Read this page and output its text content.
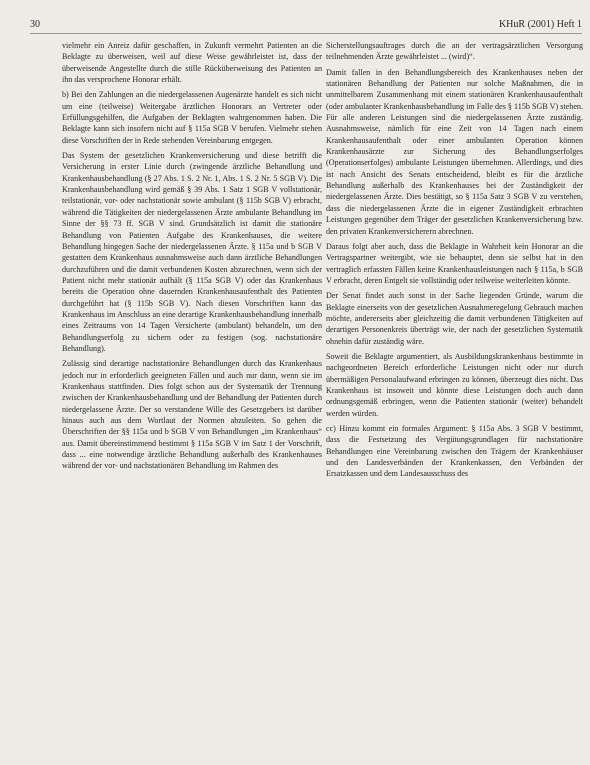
30	KHuR (2001) Heft 1

vielmehr ein Anreiz dafür geschaffen, in Zukunft vermehrt Patienten an die Beklagte zu überweisen, weil auf diese Weise gewährleistet ist, dass der überweisende Angestellte durch die stille Rücküberweisung des Patienten an ihn das versprochene Honorar erhält.

b) Bei den Zahlungen an die niedergelassenen Augenärzte handelt es sich nicht um eine (teilweise) Weitergabe ärztlichen Honorars an Vertreter oder Erfüllungsgehilfen, die Aufgaben der Beklagten wahrgenommen haben. Die Beklagte kann sich insofern nicht auf § 115a SGB V berufen. Vielmehr stehen diese Vorschriften der in Rede stehenden Vereinbarung entgegen.

Das System der gesetzlichen Krankenversicherung und diese betrifft die Versicherung in erster Linie durch (zwingende ärztliche Behandlung und Krankenhausbehandlung (§ 27 Abs. 1 S. 2 Nr. 1, Abs. 1 S. 2 Nr. 5 SGB V). Die Krankenhausbehandlung wird gemäß § 39 Abs. 1 Satz 1 SGB V vollstationär, teilstationär, vor- oder nachstationär sowie ambulant (§ 115b SGB V) erbracht, während die Tätigkeiten der niedergelassenen Ärzte ambulante Behandlung im Sinne der §§ 73 ff. SGB V sind. Grundsätzlich ist damit die stationäre Behandlung von Patienten Aufgabe des Krankenhauses, die weitere Behandlung hingegen Sache der niedergelassenen Ärzte. § 115a und b SGB V gestatten dem Krankenhaus ausnahmsweise auch dann ärztliche Behandlungen durchzuführen und die damit verbundenen Kosten abzurechnen, wenn sich der Patient nicht mehr stationär aufhält (§ 115a SGB V) oder das Krankenhaus bereits die Operation ohne dauernden Krankenhausaufenthalt des Patienten durchgeführt hat (§ 115b SGB V). Nach diesen Vorschriften kann das Krankenhaus im Anschluss an eine derartige Krankenhausbehandlung innerhalb eines Zeitraums von 14 Tagen Versicherte (ambulant) behandeln, um den Behandlungserfolg zu sichern oder zu festigen (sog. nachstationäre Behandlung).

Zulässig sind derartige nachstationäre Behandlungen durch das Krankenhaus jedoch nur in erforderlich geeigneten Fällen und auch nur dann, wenn sie im Krankenhaus stattfinden. Dies folgt schon aus der Systematik der Trennung zwischen der Krankenhausbehandlung und der Behandlung der Patienten durch niedergelassene Ärzte. Der so verstandene Wille des Gesetzgebers ist darüber hinaus auch aus dem Wortlaut der Normen abzuleiten. So gehen die Überschriften der §§ 115a und b SGB V von Behandlungen „im Krankenhaus“ aus. Damit übereinstimmend bestimmt § 115a SGB V im Satz 1 der Vorschrift, dass ... eine notwendige ärztliche Behandlung außerhalb des Krankenhauses während der vor- und nachstationären Behandlung im Rahmen des

Sicherstellungsauftrages durch die an der vertragsärztlichen Versorgung teilnehmenden Ärzte gewährleistet ... (wird)“.

Damit fallen in den Behandlungsbereich des Krankenhauses neben der stationären Behandlung der Patienten nur solche Maßnahmen, die in unmittelbarem Zusammenhang mit einem stationären Krankenhausaufenthalt (oder ambulanter Krankenhausbehandlung im Falle des § 115b SGB V) stehen. Für alle anderen Leistungen sind die niedergelassenen Ärzte zuständig. Ausnahmsweise, nämlich für eine Zeit von 14 Tagen nach einem Krankenhausaufenthalt oder einer ambulanten Operation können Krankenhausärzte zur Sicherung des Behandlungserfolges (Operationserfolges) ambulante Leistungen übernehmen. Allerdings, und dies ist nach Ansicht des Senats entscheidend, bleibt es für die ärztliche Behandlung außerhalb des Krankenhauses bei der Zuständigkeit der niedergelassenen Ärzte. Dies bestätigt, so § 115a Satz 3 SGB V zu verstehen, dass die niedergelassenen Ärzte die in eigener Zuständigkeit erbrachten Leistungen gegenüber dem Träger der gesetzlichen Krankenversicherung bzw. den privaten Krankenversicherern abrechnen.

Daraus folgt aber auch, dass die Beklagte in Wahrheit kein Honorar an die Vertragspartner weitergibt, wie sie behauptet, denn sie selbst hat in den vertraglich erfassten Fällen keine Krankenhausleistungen nach § 115a, b SGB V erbracht, deren Entgelt sie vollständig oder teilweise weiterleiten könnte.

Der Senat findet auch sonst in der Sache liegenden Gründe, warum die Beklagte einerseits von der gesetzlichen Ausnahmeregelung Gebrauch machen möchte, andererseits aber gleichzeitig die damit verbundenen Tätigkeiten auf derartigen Personenkreis überträgt wie, der nach der gesetzlichen Systematik ohnehin dafür zuständig wäre.

Soweit die Beklagte argumentiert, als Ausbildungskrankenhaus bestimmte in nachgeordneten Bereich erforderliche Leistungen nicht oder nur durch übermäßigen Personalaufwand erbringen zu können, überzeugt dies nicht. Das Krankenhaus ist insoweit und könnte diese Leistungen doch auch dann ordnungsgemäß erbringen, wenn die Patienten stationär (weiter) behandelt werden würden.

cc) Hinzu kommt ein formales Argument: § 115a Abs. 3 SGB V bestimmt, dass die Festsetzung des Vergütungsgrundlagen für nachstationäre Behandlungen eine Vereinbarung zwischen den Trägern der Krankenhäuser und den Landesverbänden der Krankenkassen, den Verbänden der Ersatzkassen und dem Landesausschuss des
